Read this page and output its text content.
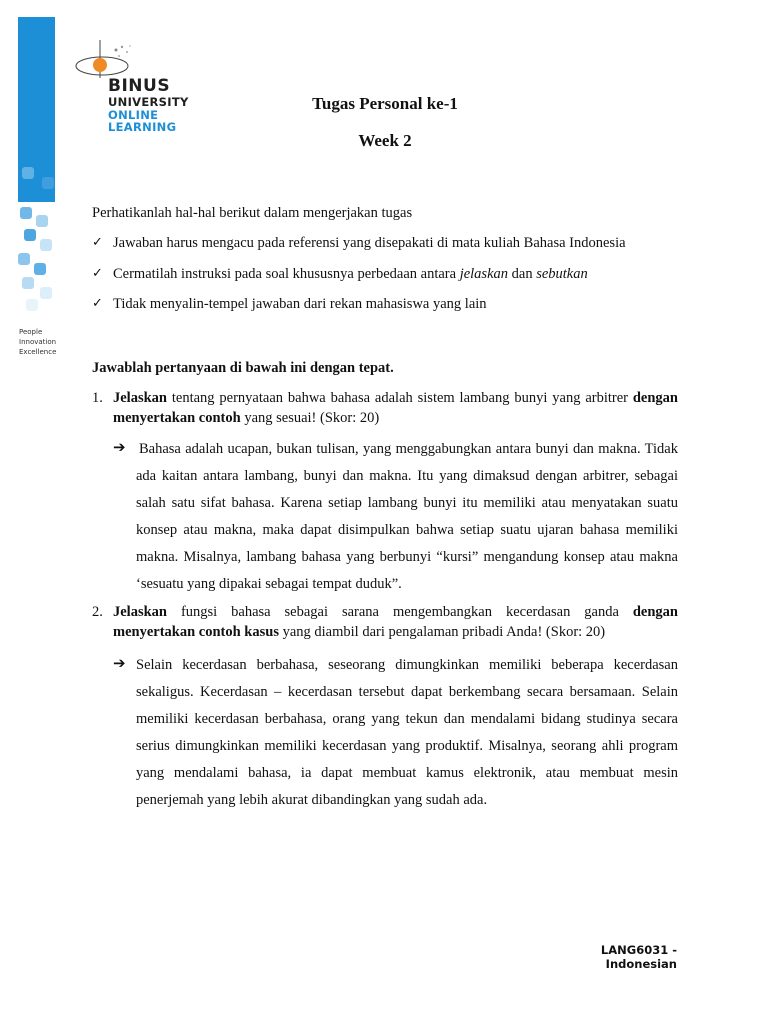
People
Innovation
Excellence
BINUS
UNIVERSITY
ONLINE
LEARNING
Tugas Personal ke-1
Week 2
Perhatikanlah hal-hal berikut dalam mengerjakan tugas
✓ Jawaban harus mengacu pada referensi yang disepakati di mata kuliah Bahasa Indonesia
✓ Cermatilah instruksi pada soal khususnya perbedaan antara jelaskan dan sebutkan
✓ Tidak menyalin-tempel jawaban dari rekan mahasiswa yang lain
Jawablah pertanyaan di bawah ini dengan tepat.
1. Jelaskan tentang pernyataan bahwa bahasa adalah sistem lambang bunyi yang arbitrer dengan menyertakan contoh yang sesuai! (Skor: 20)
➔ Bahasa adalah ucapan, bukan tulisan, yang menggabungkan antara bunyi dan makna. Tidak ada kaitan antara lambang, bunyi dan makna. Itu yang dimaksud dengan arbitrer, sebagai salah satu sifat bahasa. Karena setiap lambang bunyi itu memiliki atau menyatakan suatu konsep atau makna, maka dapat disimpulkan bahwa setiap suatu ujaran bahasa memiliki makna. Misalnya, lambang bahasa yang berbunyi “kursi” mengandung konsep atau makna ‘sesuatu yang dipakai sebagai tempat duduk”.
2. Jelaskan fungsi bahasa sebagai sarana mengembangkan kecerdasan ganda dengan menyertakan contoh kasus yang diambil dari pengalaman pribadi Anda! (Skor: 20)
➔ Selain kecerdasan berbahasa, seseorang dimungkinkan memiliki beberapa kecerdasan sekaligus. Kecerdasan – kecerdasan tersebut dapat berkembang secara bersamaan. Selain memiliki kecerdasan berbahasa, orang yang tekun dan mendalami bidang studinya secara serius dimungkinkan memiliki kecerdasan yang produktif. Misalnya, seorang ahli program yang mendalami bahasa, ia dapat membuat kamus elektronik, atau membuat mesin penerjemah yang lebih akurat dibandingkan yang sudah ada.
LANG6031 - Indonesian
